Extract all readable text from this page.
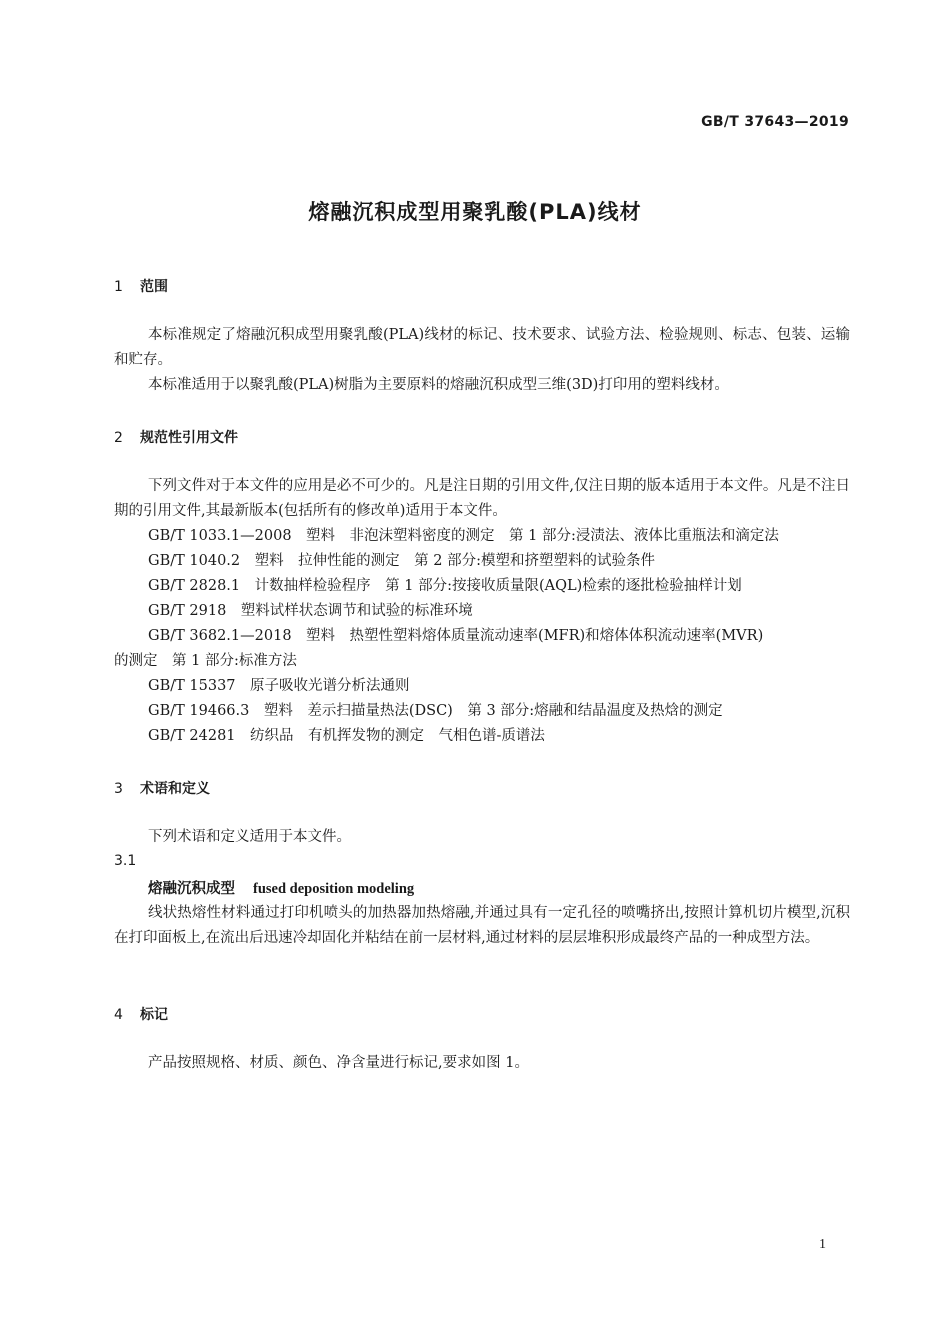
GB/T 37643—2019
熔融沉积成型用聚乳酸(PLA)线材
1 范围
本标准规定了熔融沉积成型用聚乳酸(PLA)线材的标记、技术要求、试验方法、检验规则、标志、包装、运输和贮存。
本标准适用于以聚乳酸(PLA)树脂为主要原料的熔融沉积成型三维(3D)打印用的塑料线材。
2 规范性引用文件
下列文件对于本文件的应用是必不可少的。凡是注日期的引用文件,仅注日期的版本适用于本文件。凡是不注日期的引用文件,其最新版本(包括所有的修改单)适用于本文件。
GB/T 1033.1—2008　塑料　非泡沫塑料密度的测定　第 1 部分:浸渍法、液体比重瓶法和滴定法
GB/T 1040.2　塑料　拉伸性能的测定　第 2 部分:模塑和挤塑塑料的试验条件
GB/T 2828.1　计数抽样检验程序　第 1 部分:按接收质量限(AQL)检索的逐批检验抽样计划
GB/T 2918　塑料试样状态调节和试验的标准环境
GB/T 3682.1—2018　塑料　热塑性塑料熔体质量流动速率(MFR)和熔体体积流动速率(MVR)
的测定　第 1 部分:标准方法
GB/T 15337　原子吸收光谱分析法通则
GB/T 19466.3　塑料　差示扫描量热法(DSC)　第 3 部分:熔融和结晶温度及热焓的测定
GB/T 24281　纺织品　有机挥发物的测定　气相色谱-质谱法
3 术语和定义
下列术语和定义适用于本文件。
3.1
熔融沉积成型 fused deposition modeling
线状热熔性材料通过打印机喷头的加热器加热熔融,并通过具有一定孔径的喷嘴挤出,按照计算机切片模型,沉积在打印面板上,在流出后迅速冷却固化并粘结在前一层材料,通过材料的层层堆积形成最终产品的一种成型方法。
4 标记
产品按照规格、材质、颜色、净含量进行标记,要求如图 1。
1
